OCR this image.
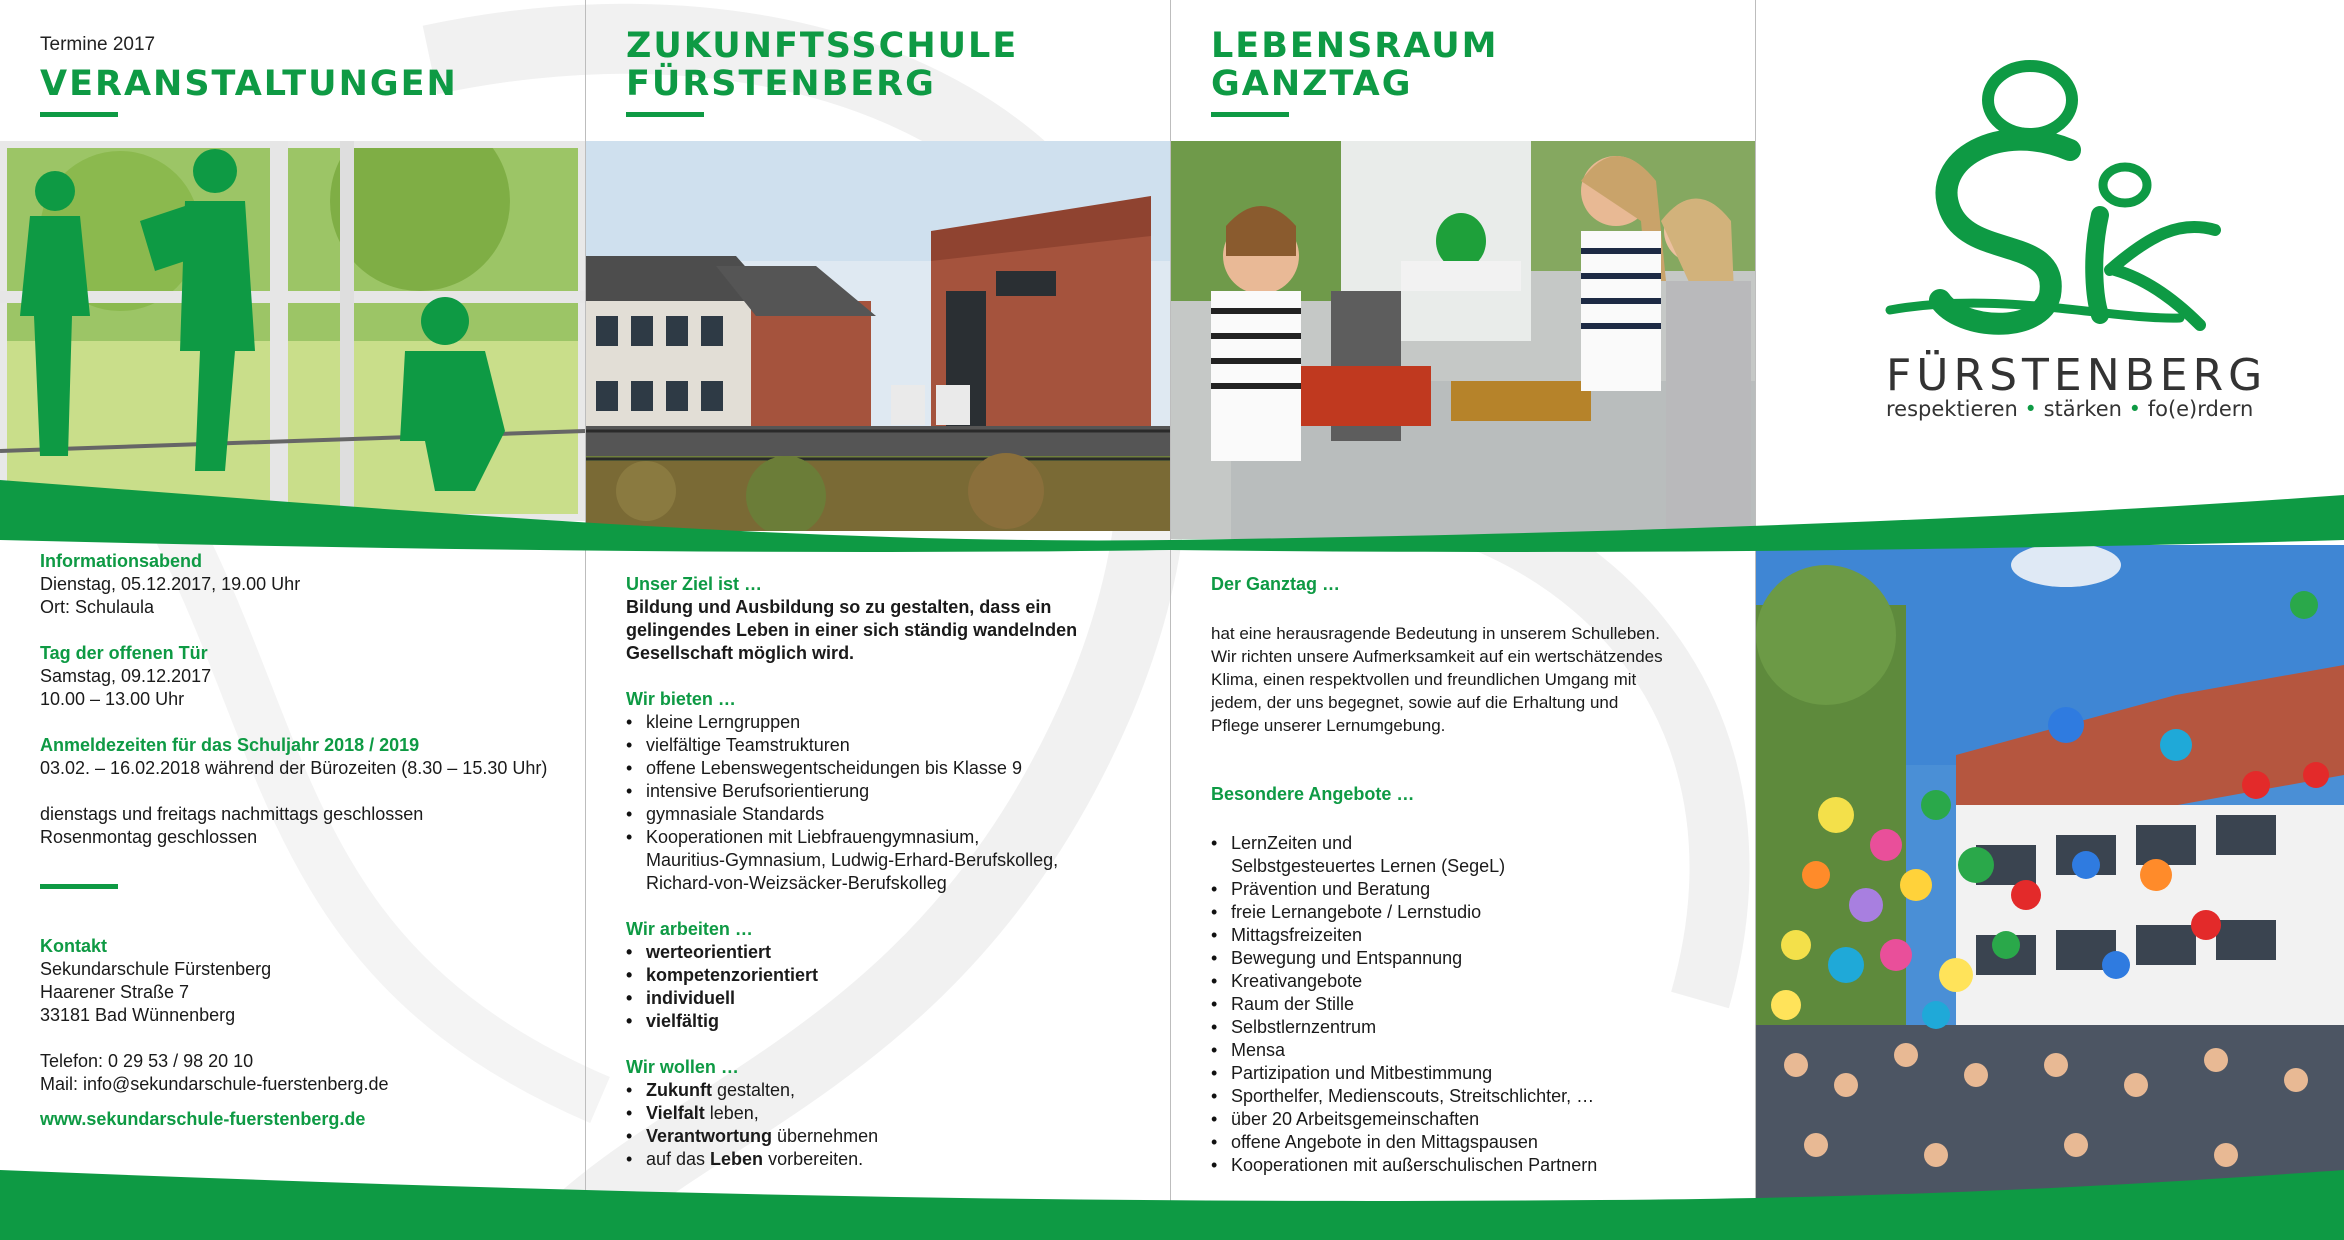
Termine 2017
VERANSTALTUNGEN
Informationsabend

Dienstag, 05.12.2017, 19.00 Uhr

Ort: Schulaula

Tag der offenen Tür

Samstag, 09.12.2017

10.00 – 13.00 Uhr

Anmeldezeiten für das Schuljahr 2018 / 2019

03.02. – 16.02.2018 während der Bürozeiten (8.30 – 15.30 Uhr)

dienstags und freitags nachmittags geschlossen

Rosenmontag geschlossen

Kontakt

Sekundarschule Fürstenberg

Haarener Straße 7

33181 Bad Wünnenberg

Telefon: 0 29 53 / 98 20 10

Mail: info@sekundarschule-fuerstenberg.de

www.sekundarschule-fuerstenberg.de

ZUKUNFTSSCHULE
FÜRSTENBERG
Unser Ziel ist …

Bildung und Ausbildung so zu gestalten, dass ein

gelingendes Leben in einer sich ständig wandelnden

Gesellschaft möglich wird.

Wir bieten …
• kleine Lerngruppen
• vielfältige Teamstrukturen
• offene Lebenswegentscheidungen bis Klasse 9
• intensive Berufsorientierung
• gymnasiale Standards
• Kooperationen mit Liebfrauengymnasium,

Mauritius-Gymnasium, Ludwig-Erhard-Berufskolleg,

Richard-von-Weizsäcker-Berufskolleg

Wir arbeiten …
• werteorientiert
• kompetenzorientiert
• individuell
• vielfältig
Wir wollen …
• Zukunft gestalten,
• Vielfalt leben,
• Verantwortung übernehmen
• auf das Leben vorbereiten.
LEBENSRAUM
GANZTAG
Der Ganztag …

hat eine herausragende Bedeutung in unserem Schulleben.

Wir richten unsere Aufmerksamkeit auf ein wertschätzendes

Klima, einen respektvollen und freundlichen Umgang mit

jedem, der uns begegnet, sowie auf die Erhaltung und

Pflege unserer Lernumgebung.

Besondere Angebote …
• LernZeiten und

Selbstgesteuertes Lernen (SegeL)

• Prävention und Beratung
• freie Lernangebote / Lernstudio
• Mittagsfreizeiten
• Bewegung und Entspannung
• Kreativangebote
• Raum der Stille
• Selbstlernzentrum
• Mensa
• Partizipation und Mitbestimmung
• Sporthelfer, Medienscouts, Streitschlichter, …
• über 20 Arbeitsgemeinschaften
• offene Angebote in den Mittagspausen
• Kooperationen mit außerschulischen Partnern
FÜRSTENBERG
respektieren • stärken • fo(e)rdern
